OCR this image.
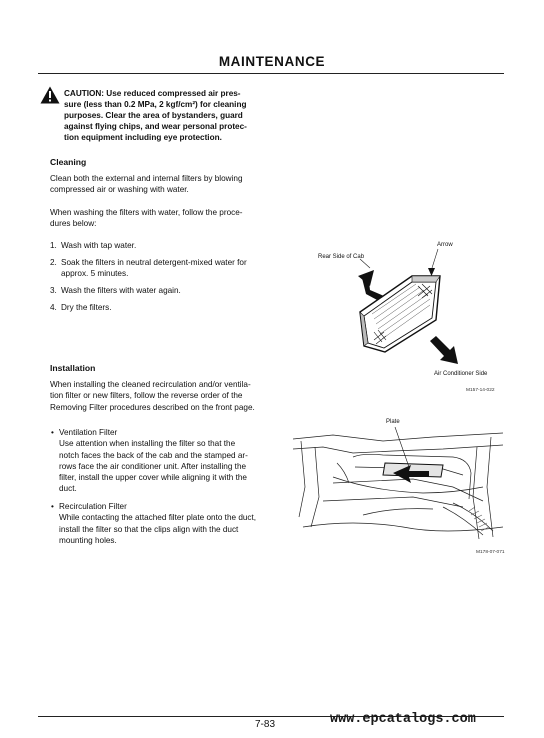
MAINTENANCE
CAUTION: Use reduced compressed air pres-
sure (less than 0.2 MPa, 2 kgf/cm²) for cleaning
purposes. Clear the area of bystanders, guard
against flying chips, and wear personal protec-
tion equipment including eye protection.
Cleaning
Clean both the external and internal filters by blowing
compressed air or washing with water.
When washing the filters with water, follow the proce-
dures below:
1. Wash with tap water.
2. Soak the filters in neutral detergent-mixed water for
approx. 5 minutes.
3. Wash the filters with water again.
4. Dry the filters.
Installation
When installing the cleaned recirculation and/or ventila-
tion filter or new filters, follow the reverse order of the
Removing Filter procedures described on the front page.
• Ventilation Filter
Use attention when installing the filter so that the
notch faces the back of the cab and the stamped ar-
rows face the air conditioner unit. After installing the
filter, install the upper cover while aligning it with the
duct.
• Recirculation Filter
While contacting the attached filter plate onto the duct,
install the filter so that the clips align with the duct
mounting holes.
Rear Side of Cab
Arrow
Air Conditioner Side
M157-14-022
Plate
M178-07-071
7-83	www.epcatalogs.com
